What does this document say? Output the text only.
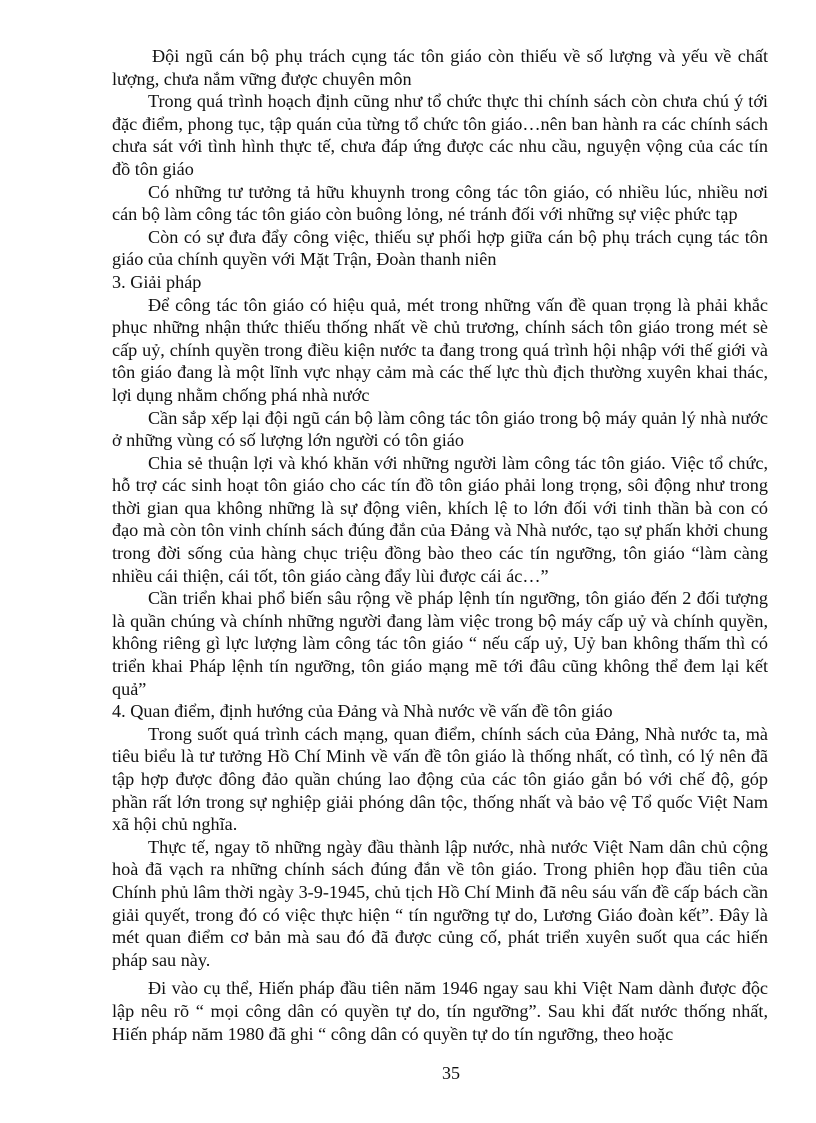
Đội ngũ cán bộ phụ trách cụng tác tôn giáo còn thiếu về số lượng và yếu về chất lượng, chưa nắm vững được chuyên môn

Trong quá trình hoạch định cũng như tổ chức thực thi chính sách còn chưa chú ý tới đặc điểm, phong tục, tập quán của từng tổ chức tôn giáo…nên ban hành ra các chính sách chưa sát với tình hình thực tế, chưa đáp ứng được các nhu cầu, nguyện vộng của các tín đồ tôn giáo

Có những tư tưởng tả hữu khuynh trong công tác tôn giáo, có nhiều lúc, nhiều nơi cán bộ làm công tác tôn giáo còn buông lỏng, né tránh đối với những sự việc phức tạp

Còn có sự đưa đẩy công việc, thiếu sự phối hợp giữa cán bộ phụ trách cụng tác tôn giáo của chính quyền với Mặt Trận, Đoàn thanh niên

3. Giải pháp

Để công tác tôn giáo có hiệu quả, mét trong những vấn đề quan trọng là phải khắc phục những nhận thức thiếu thống nhất về chủ trương, chính sách tôn giáo trong mét sè cấp uỷ, chính quyền trong điều kiện nước ta đang trong quá trình hội nhập với thế giới và tôn giáo đang là một lĩnh vực nhạy cảm mà các thế lực thù địch thường xuyên khai thác, lợi dụng nhằm chống phá nhà nước

Cần sắp xếp lại đội ngũ cán bộ làm công tác tôn giáo trong bộ máy quản lý nhà nước ở những vùng có số lượng lớn người có tôn giáo

Chia sẻ thuận lợi và khó khăn với những người làm công tác tôn giáo. Việc tổ chức, hỗ trợ các sinh hoạt tôn giáo cho các tín đồ tôn giáo phải long trọng, sôi động như trong thời gian qua không những là sự động viên, khích lệ to lớn đối với tinh thần bà con có đạo mà còn tôn vinh chính sách đúng đắn của Đảng và Nhà nước, tạo sự phấn khởi chung trong đời sống của hàng chục triệu đồng bào theo các tín ngưỡng, tôn giáo “làm càng nhiều cái thiện, cái tốt, tôn giáo càng đẩy lùi được cái ác…”

Cần triển khai phổ biến sâu rộng về pháp lệnh tín ngưỡng, tôn giáo đến 2 đối tượng là quần chúng và chính những người đang làm việc trong bộ máy cấp uỷ và chính quyền, không riêng gì lực lượng làm công tác tôn giáo “ nếu cấp uỷ, Uỷ ban không thấm thì có triển khai Pháp lệnh tín ngưỡng, tôn giáo mạng mẽ tới đâu cũng không thể đem lại kết quả”

4. Quan điểm, định hướng của Đảng và Nhà nước về vấn đề tôn giáo

Trong suốt quá trình cách mạng, quan điểm, chính sách của Đảng, Nhà nước ta, mà tiêu biểu là tư tưởng Hồ Chí Minh về vấn đề tôn giáo là thống nhất, có tình, có lý nên đã tập hợp được đông đảo quần chúng lao động của các tôn giáo gắn bó với chế độ, góp phần rất lớn trong sự nghiệp giải phóng dân tộc, thống nhất và bảo vệ Tổ quốc Việt Nam xã hội chủ nghĩa.

Thực tế, ngay tõ những ngày đầu thành lập nước, nhà nước Việt Nam dân chủ cộng hoà đã vạch ra những chính sách đúng đắn về tôn giáo. Trong phiên họp đầu tiên của Chính phủ lâm thời ngày 3-9-1945, chủ tịch Hồ Chí Minh đã nêu sáu vấn đề cấp bách cần giải quyết, trong đó có việc thực hiện “ tín ngưỡng tự do, Lương Giáo đoàn kết”. Đây là mét quan điểm cơ bản mà sau đó đã được củng cố, phát triển xuyên suốt qua các hiến pháp sau này.

Đi vào cụ thể, Hiến pháp đầu tiên năm 1946 ngay sau khi Việt Nam dành được độc lập nêu rõ “ mọi công dân có quyền tự do, tín ngưỡng”. Sau khi đất nước thống nhất, Hiến pháp năm 1980 đã ghi “ công dân có quyền tự do tín ngưỡng, theo hoặc

35
